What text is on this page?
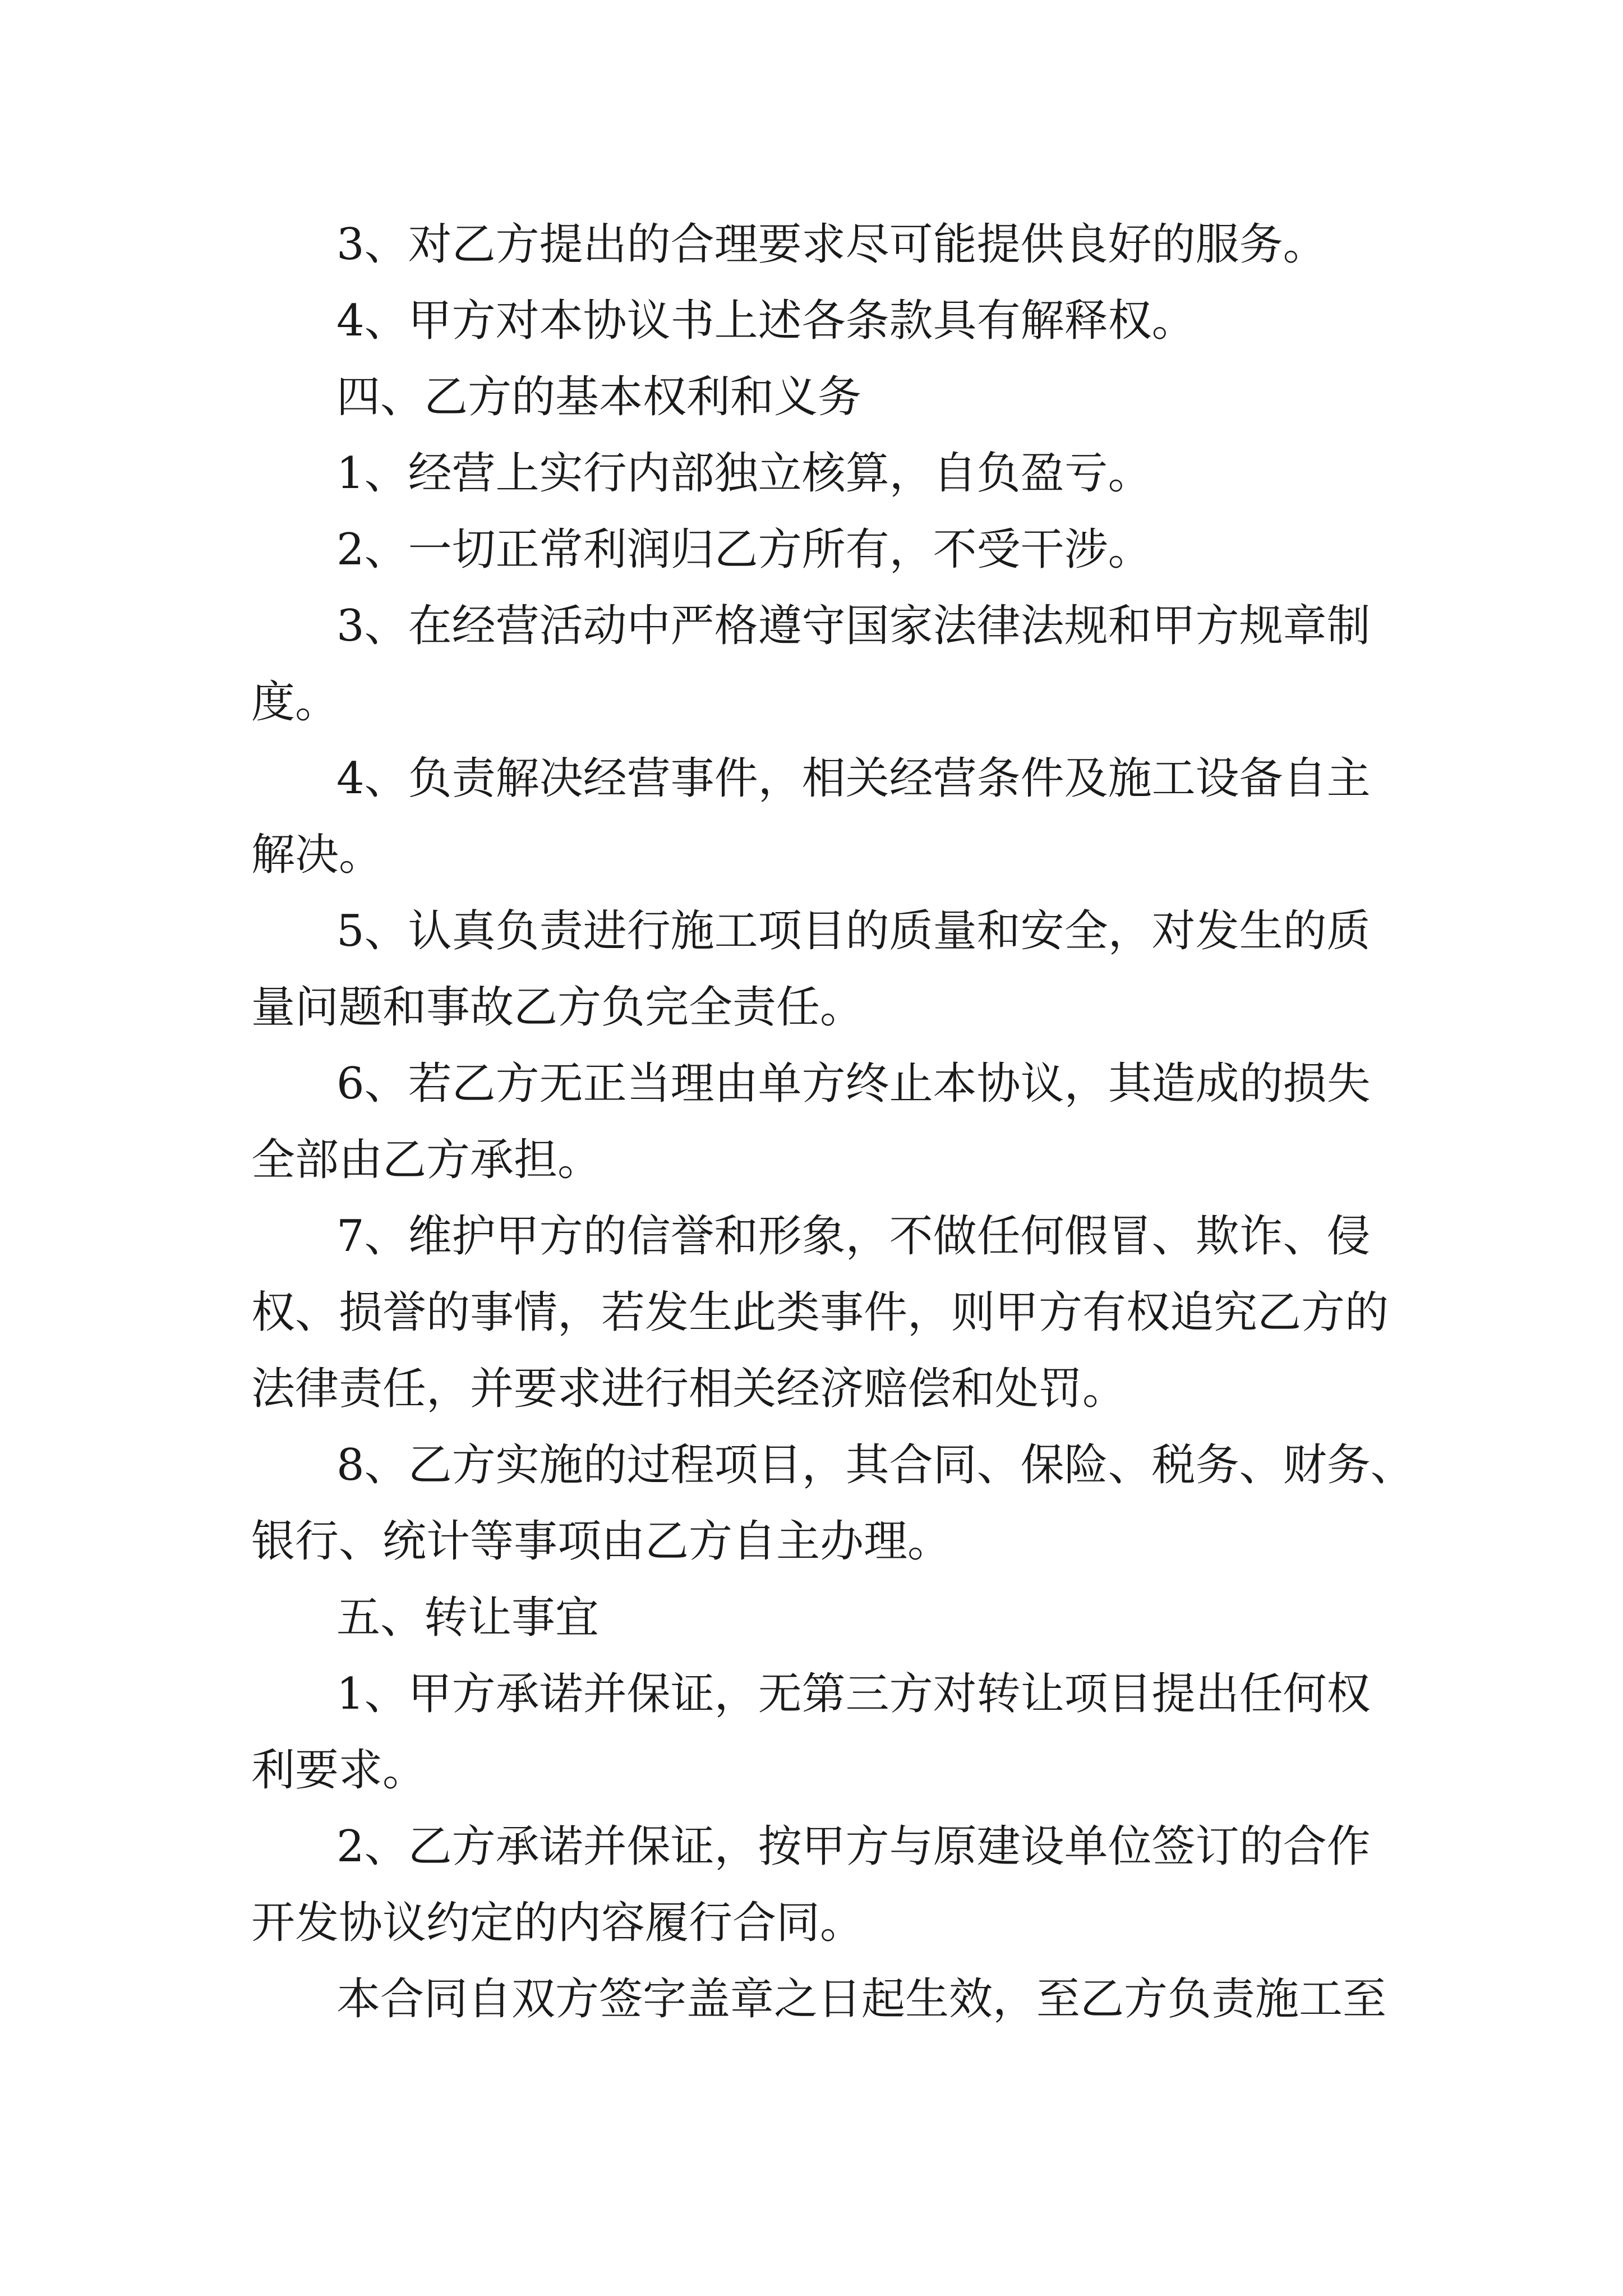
3、对乙方提出的合理要求尽可能提供良好的服务。
4、甲方对本协议书上述各条款具有解释权。
四、乙方的基本权利和义务
1、经营上实行内部独立核算，自负盈亏。
2、一切正常利润归乙方所有，不受干涉。
3、在经营活动中严格遵守国家法律法规和甲方规章制
度。
4、负责解决经营事件，相关经营条件及施工设备自主
解决。
5、认真负责进行施工项目的质量和安全，对发生的质
量问题和事故乙方负完全责任。
6、若乙方无正当理由单方终止本协议，其造成的损失
全部由乙方承担。
7、维护甲方的信誉和形象，不做任何假冒、欺诈、侵
权、损誉的事情，若发生此类事件，则甲方有权追究乙方的
法律责任，并要求进行相关经济赔偿和处罚。
8、乙方实施的过程项目，其合同、保险、税务、财务、
银行、统计等事项由乙方自主办理。
五、转让事宜
1、甲方承诺并保证，无第三方对转让项目提出任何权
利要求。
2、乙方承诺并保证，按甲方与原建设单位签订的合作
开发协议约定的内容履行合同。
本合同自双方签字盖章之日起生效，至乙方负责施工至
